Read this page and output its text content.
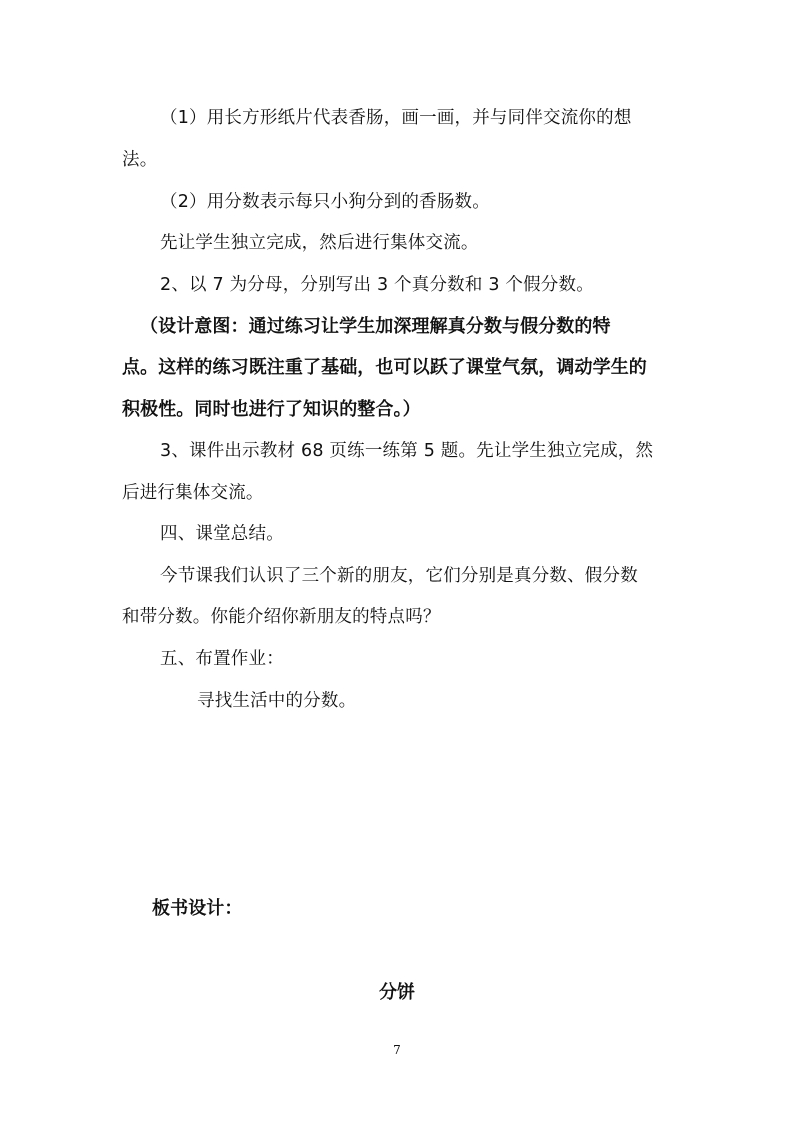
（1）用长方形纸片代表香肠，画一画，并与同伴交流你的想
法。
（2）用分数表示每只小狗分到的香肠数。
先让学生独立完成，然后进行集体交流。
2、以 7 为分母，分别写出 3 个真分数和 3 个假分数。
（设计意图：通过练习让学生加深理解真分数与假分数的特
点。这样的练习既注重了基础，也可以跃了课堂气氛，调动学生的
积极性。同时也进行了知识的整合。）
3、课件出示教材 68 页练一练第 5 题。先让学生独立完成，然
后进行集体交流。
四、课堂总结。
今节课我们认识了三个新的朋友，它们分别是真分数、假分数
和带分数。你能介绍你新朋友的特点吗？
五、布置作业：
寻找生活中的分数。
板书设计：
分饼
7
